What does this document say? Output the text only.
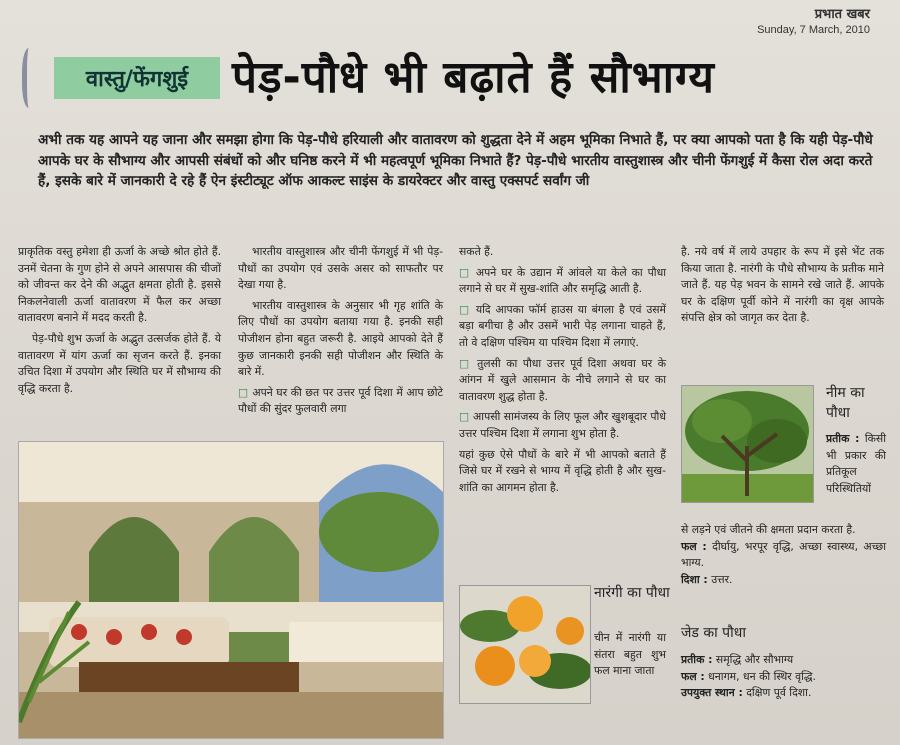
प्रभात खबर
Sunday, 7 March, 2010
वास्तु/फेंगशुई पेड़-पौधे भी बढ़ाते हैं सौभाग्य
अभी तक यह आपने यह जाना और समझा होगा कि पेड़-पौधे हरियाली और वातावरण को शुद्धता देने में अहम भूमिका निभाते हैं, पर क्या आपको पता है कि यही पेड़-पौधे आपके घर के सौभाग्य और आपसी संबंधों को और घनिष्ठ करने में भी महत्वपूर्ण भूमिका निभाते हैं? पेड़-पौधे भारतीय वास्तुशास्त्र और चीनी फेंगशुई में कैसा रोल अदा करते हैं, इसके बारे में जानकारी दे रहे हैं ऐन इंस्टीट्यूट ऑफ आकल्ट साइंस के डायरेक्टर और वास्तु एक्सपर्ट सर्वांग जी

प्राकृतिक वस्तु हमेशा ही ऊर्जा के अच्छे श्रोत होते हैं. उनमें चेतना के गुण होने से अपने आसपास की चीजों को जीवन्त कर देने की अद्भुत क्षमता होती है. इससे निकलनेवाली ऊर्जा वातावरण में फैल कर अच्छा वातावरण बनाने में मदद करती है.

पेड़-पौधे शुभ ऊर्जा के अद्भुत उत्सर्जक होते हैं. ये वातावरण में यांग ऊर्जा का सृजन करते हैं. इनका उचित दिशा में उपयोग और स्थिति घर में सौभाग्य की वृद्धि करता है.

भारतीय वास्तुशास्त्र और चीनी फेंगशुई में भी पेड़-पौधों का उपयोग एवं उसके असर को साफतौर पर देखा गया है.

भारतीय वास्तुशास्त्र के अनुसार भी गृह शांति के लिए पौधों का उपयोग बताया गया है. इनकी सही पोजीशन होना बहुत जरूरी है. आइये आपको देते हैं कुछ जानकारी इनकी सही पोजीशन और स्थिति के बारे में.

□ अपने घर की छत पर उत्तर पूर्व दिशा में आप छोटे पौधों की सुंदर फुलवारी लगा

सकते हैं.

□ अपने घर के उद्यान में आंवले या केले का पौधा लगाने से घर में सुख-शांति और समृद्धि आती है.

□ यदि आपका फॉर्म हाउस या बंगला है एवं उसमें बड़ा बगीचा है और उसमें भारी पेड़ लगाना चाहते हैं, तो वे दक्षिण पश्चिम या पश्चिम दिशा में लगाएं.

□ तुलसी का पौधा उत्तर पूर्व दिशा अथवा घर के आंगन में खुले आसमान के नीचे लगाने से घर का वातावरण शुद्ध होता है.

□ आपसी सामंजस्य के लिए फूल और खुशबूदार पौधे उत्तर पश्चिम दिशा में लगाना शुभ होता है.

यहां कुछ ऐसे पौधों के बारे में भी आपको बताते हैं जिसे घर में रखने से भाग्य में वृद्धि होती है और सुख-शांति का आगमन होता है.

है. नये वर्ष में लाये उपहार के रूप में इसे भेंट तक किया जाता है. नारंगी के पौधे सौभाग्य के प्रतीक माने जाते हैं. यह पेड़ भवन के सामने रखे जाते हैं. आपके घर के दक्षिण पूर्वी कोने में नारंगी का वृक्ष आपके संपत्ति क्षेत्र को जागृत कर देता है.

नारंगी का पौधा
चीन में नारंगी या संतरा बहुत शुभ फल माना जाता
नीम का पौधा
प्रतीक : किसी भी प्रकार की प्रतिकूल परिस्थितियों
से लड़ने एवं जीतने की क्षमता प्रदान करता है.
फल : दीर्घायु, भरपूर वृद्धि, अच्छा स्वास्थ्य, अच्छा भाग्य.
दिशा : उत्तर.
जेड का पौधा
प्रतीक : समृद्धि और सौभाग्य
फल : धनागम, धन की स्थिर वृद्धि.
उपयुक्त स्थान : दक्षिण पूर्व दिशा.
